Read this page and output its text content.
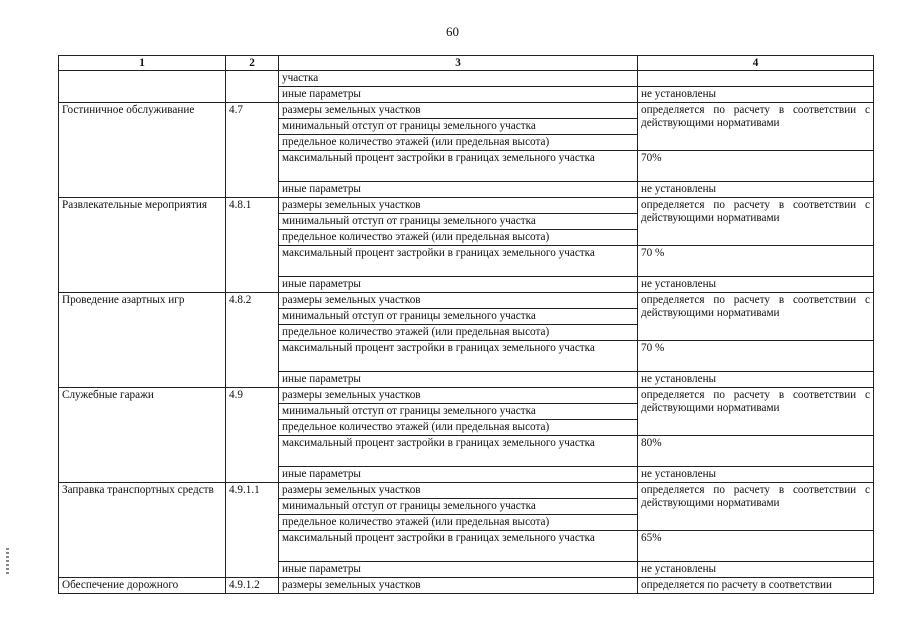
60
1	2	3	4
		участка	
		иные параметры	не установлены
Гостиничное обслуживание	4.7	размеры земельных участков	определяется по расчету в соответствии с действующими нормативами
		минимальный отступ от границы земельного участка	
		предельное количество этажей (или предельная высота)	
		максимальный процент застройки в границах земельного участка	70%
		иные параметры	не установлены
Развлекательные мероприятия	4.8.1	размеры земельных участков	определяется по расчету в соответствии с действующими нормативами
		минимальный отступ от границы земельного участка	
		предельное количество этажей (или предельная высота)	
		максимальный процент застройки в границах земельного участка	70 %
		иные параметры	не установлены
Проведение азартных игр	4.8.2	размеры земельных участков	определяется по расчету в соответствии с действующими нормативами
		минимальный отступ от границы земельного участка	
		предельное количество этажей (или предельная высота)	
		максимальный процент застройки в границах земельного участка	70 %
		иные параметры	не установлены
Служебные гаражи	4.9	размеры земельных участков	определяется по расчету в соответствии с действующими нормативами
		минимальный отступ от границы земельного участка	
		предельное количество этажей (или предельная высота)	
		максимальный процент застройки в границах земельного участка	80%
		иные параметры	не установлены
Заправка транспортных средств	4.9.1.1	размеры земельных участков	определяется по расчету в соответствии с действующими нормативами
		минимальный отступ от границы земельного участка	
		предельное количество этажей (или предельная высота)	
		максимальный процент застройки в границах земельного участка	65%
		иные параметры	не установлены
Обеспечение дорожного	4.9.1.2	размеры земельных участков	определяется по расчету в соответствии
